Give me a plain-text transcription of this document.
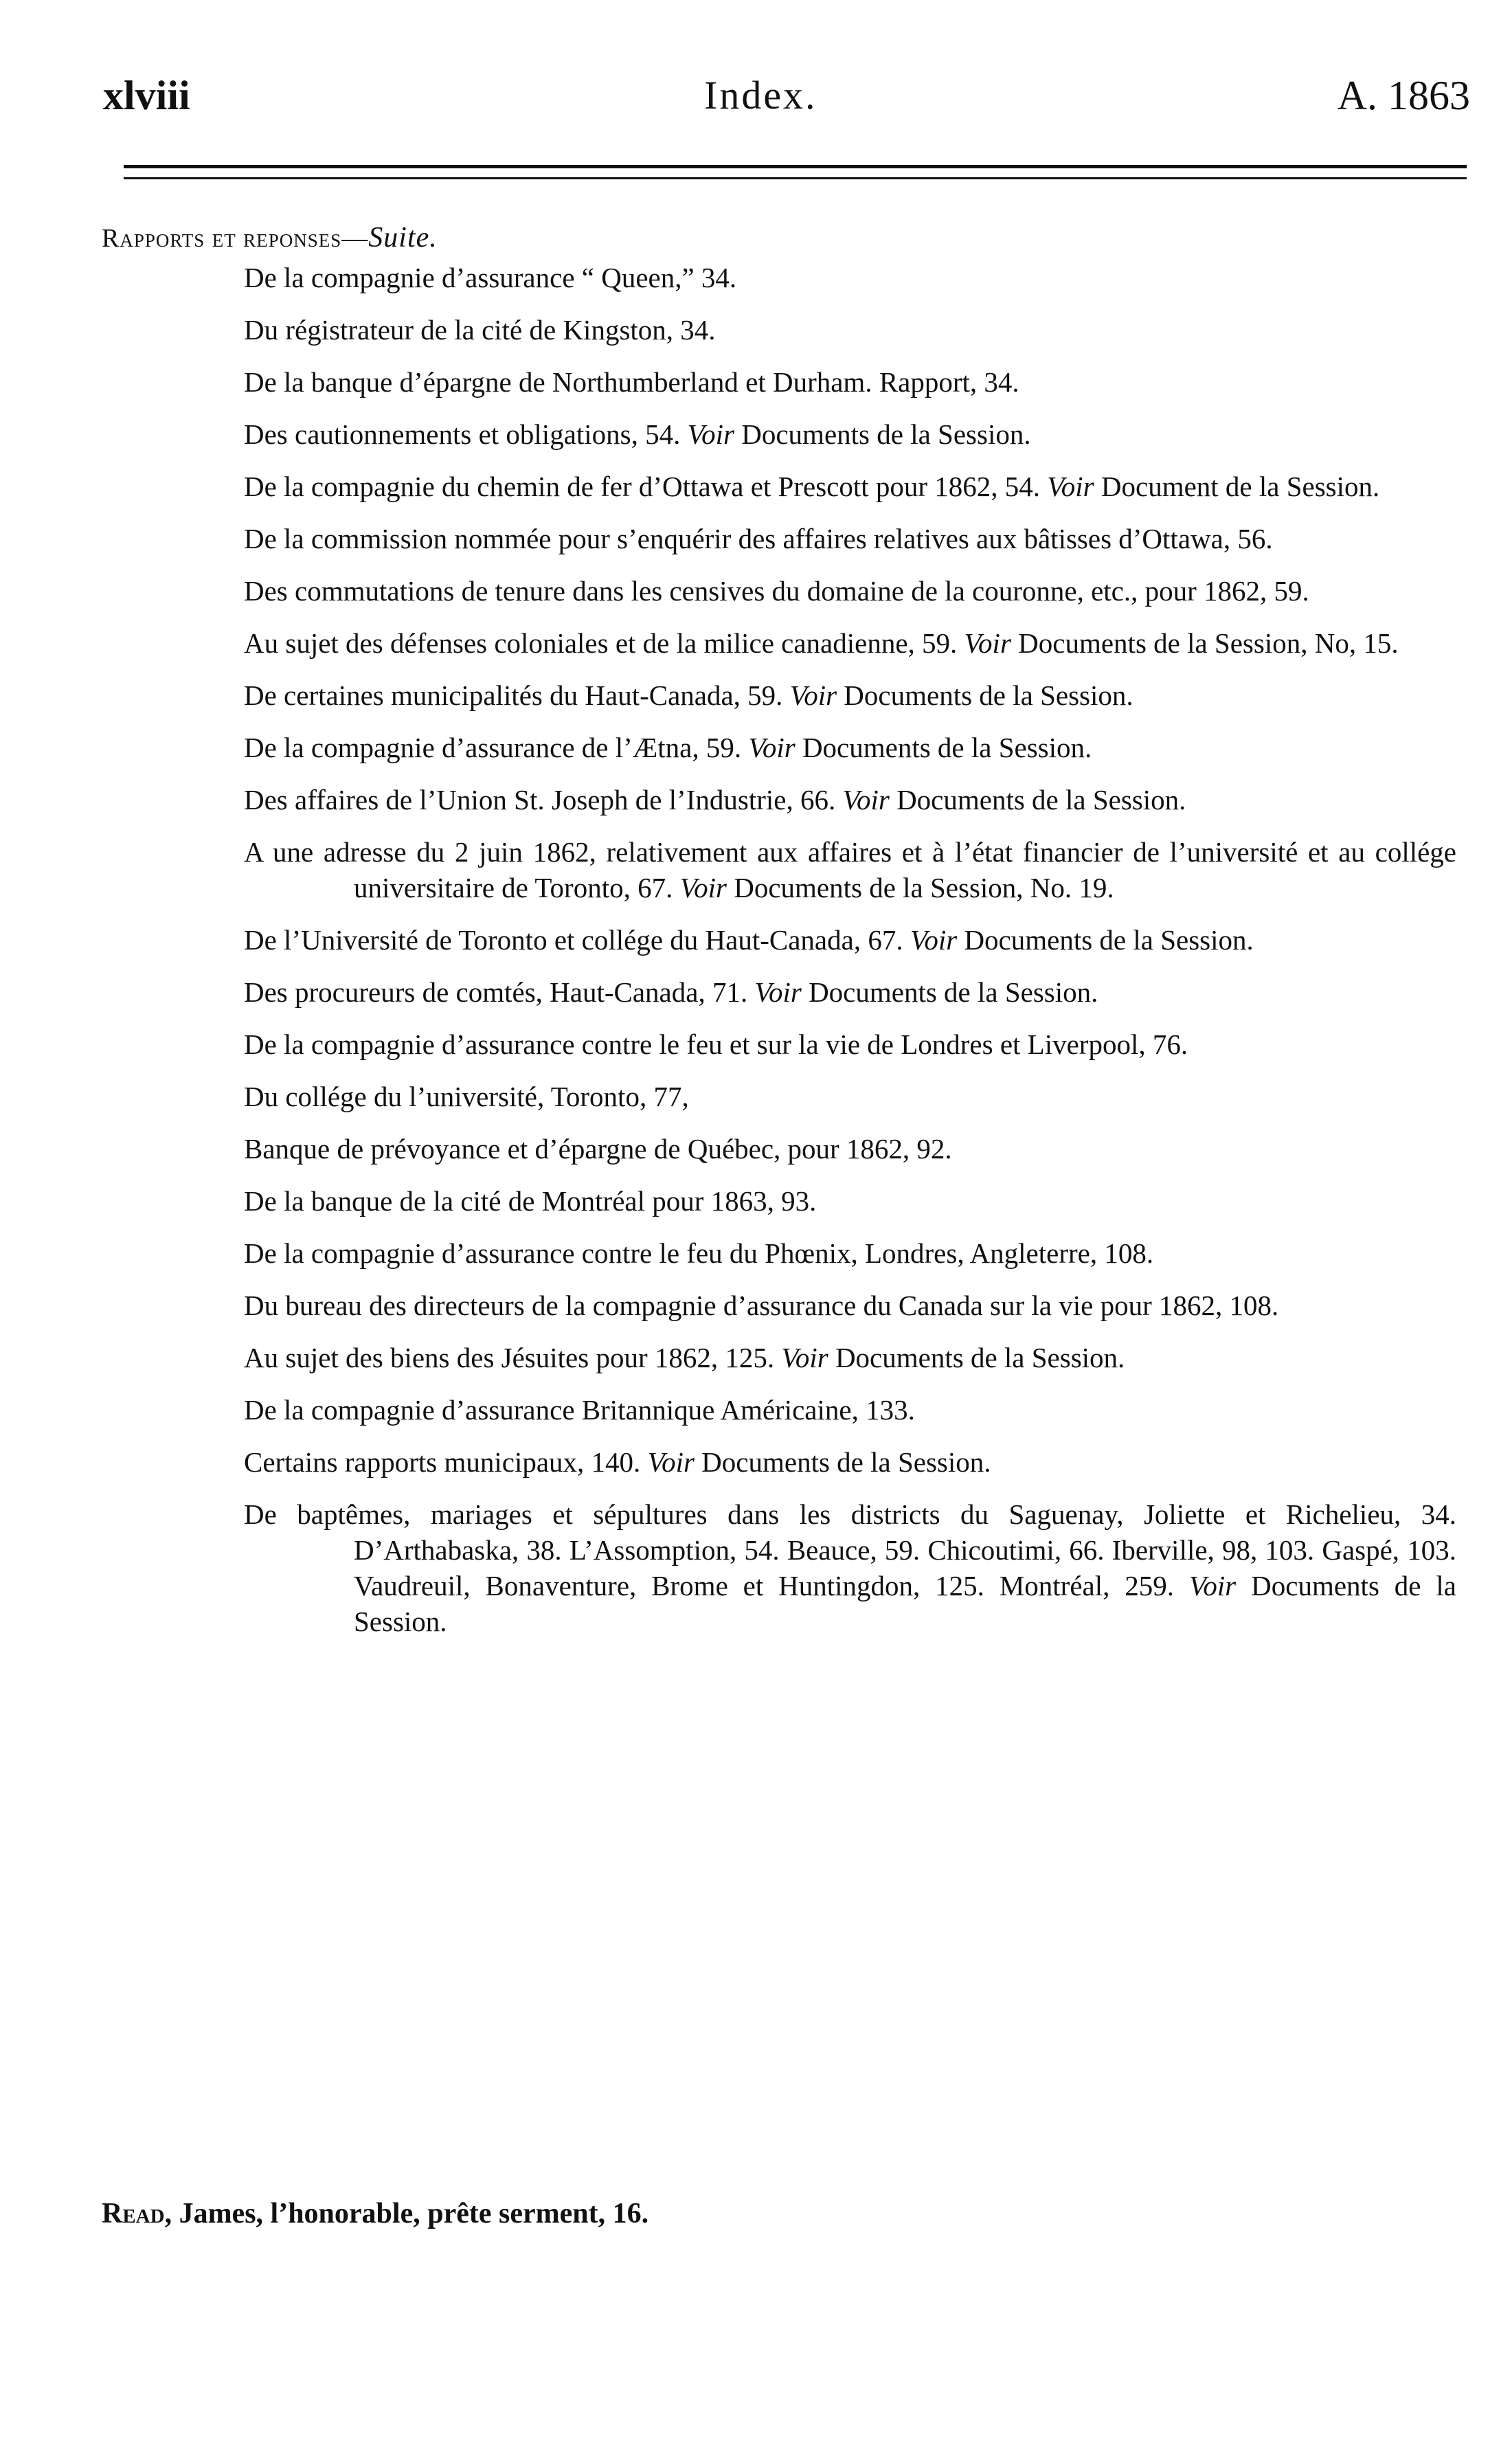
xlviii	Index.	A. 1863
Rapports et reponses—Suite.
De la compagnie d’assurance “ Queen,” 34.
Du régistrateur de la cité de Kingston, 34.
De la banque d’épargne de Northumberland et Durham. Rapport, 34.
Des cautionnements et obligations, 54. Voir Documents de la Session.
De la compagnie du chemin de fer d’Ottawa et Prescott pour 1862, 54. Voir Document de la Session.
De la commission nommée pour s’enquérir des affaires relatives aux bâtisses d’Ottawa, 56.
Des commutations de tenure dans les censives du domaine de la couronne, etc., pour 1862, 59.
Au sujet des défenses coloniales et de la milice canadienne, 59. Voir Documents de la Session, No, 15.
De certaines municipalités du Haut-Canada, 59. Voir Documents de la Session.
De la compagnie d’assurance de l’Ætna, 59. Voir Documents de la Session.
Des affaires de l’Union St. Joseph de l’Industrie, 66. Voir Documents de la Session.
A une adresse du 2 juin 1862, relativement aux affaires et à l’état financier de l’université et au collége universitaire de Toronto, 67. Voir Documents de la Session, No. 19.
De l’Université de Toronto et collége du Haut-Canada, 67. Voir Documents de la Session.
Des procureurs de comtés, Haut-Canada, 71. Voir Documents de la Session.
De la compagnie d’assurance contre le feu et sur la vie de Londres et Liverpool, 76.
Du collége du l’université, Toronto, 77,
Banque de prévoyance et d’épargne de Québec, pour 1862, 92.
De la banque de la cité de Montréal pour 1863, 93.
De la compagnie d’assurance contre le feu du Phœnix, Londres, Angleterre, 108.
Du bureau des directeurs de la compagnie d’assurance du Canada sur la vie pour 1862, 108.
Au sujet des biens des Jésuites pour 1862, 125. Voir Documents de la Session.
De la compagnie d’assurance Britannique Américaine, 133.
Certains rapports municipaux, 140. Voir Documents de la Session.
De baptêmes, mariages et sépultures dans les districts du Saguenay, Joliette et Richelieu, 34. D’Arthabaska, 38. L’Assomption, 54. Beauce, 59. Chicoutimi, 66. Iberville, 98, 103. Gaspé, 103. Vaudreuil, Bonaventure, Brome et Huntingdon, 125. Montréal, 259. Voir Documents de la Session.
Read, James, l’honorable, prête serment, 16.
